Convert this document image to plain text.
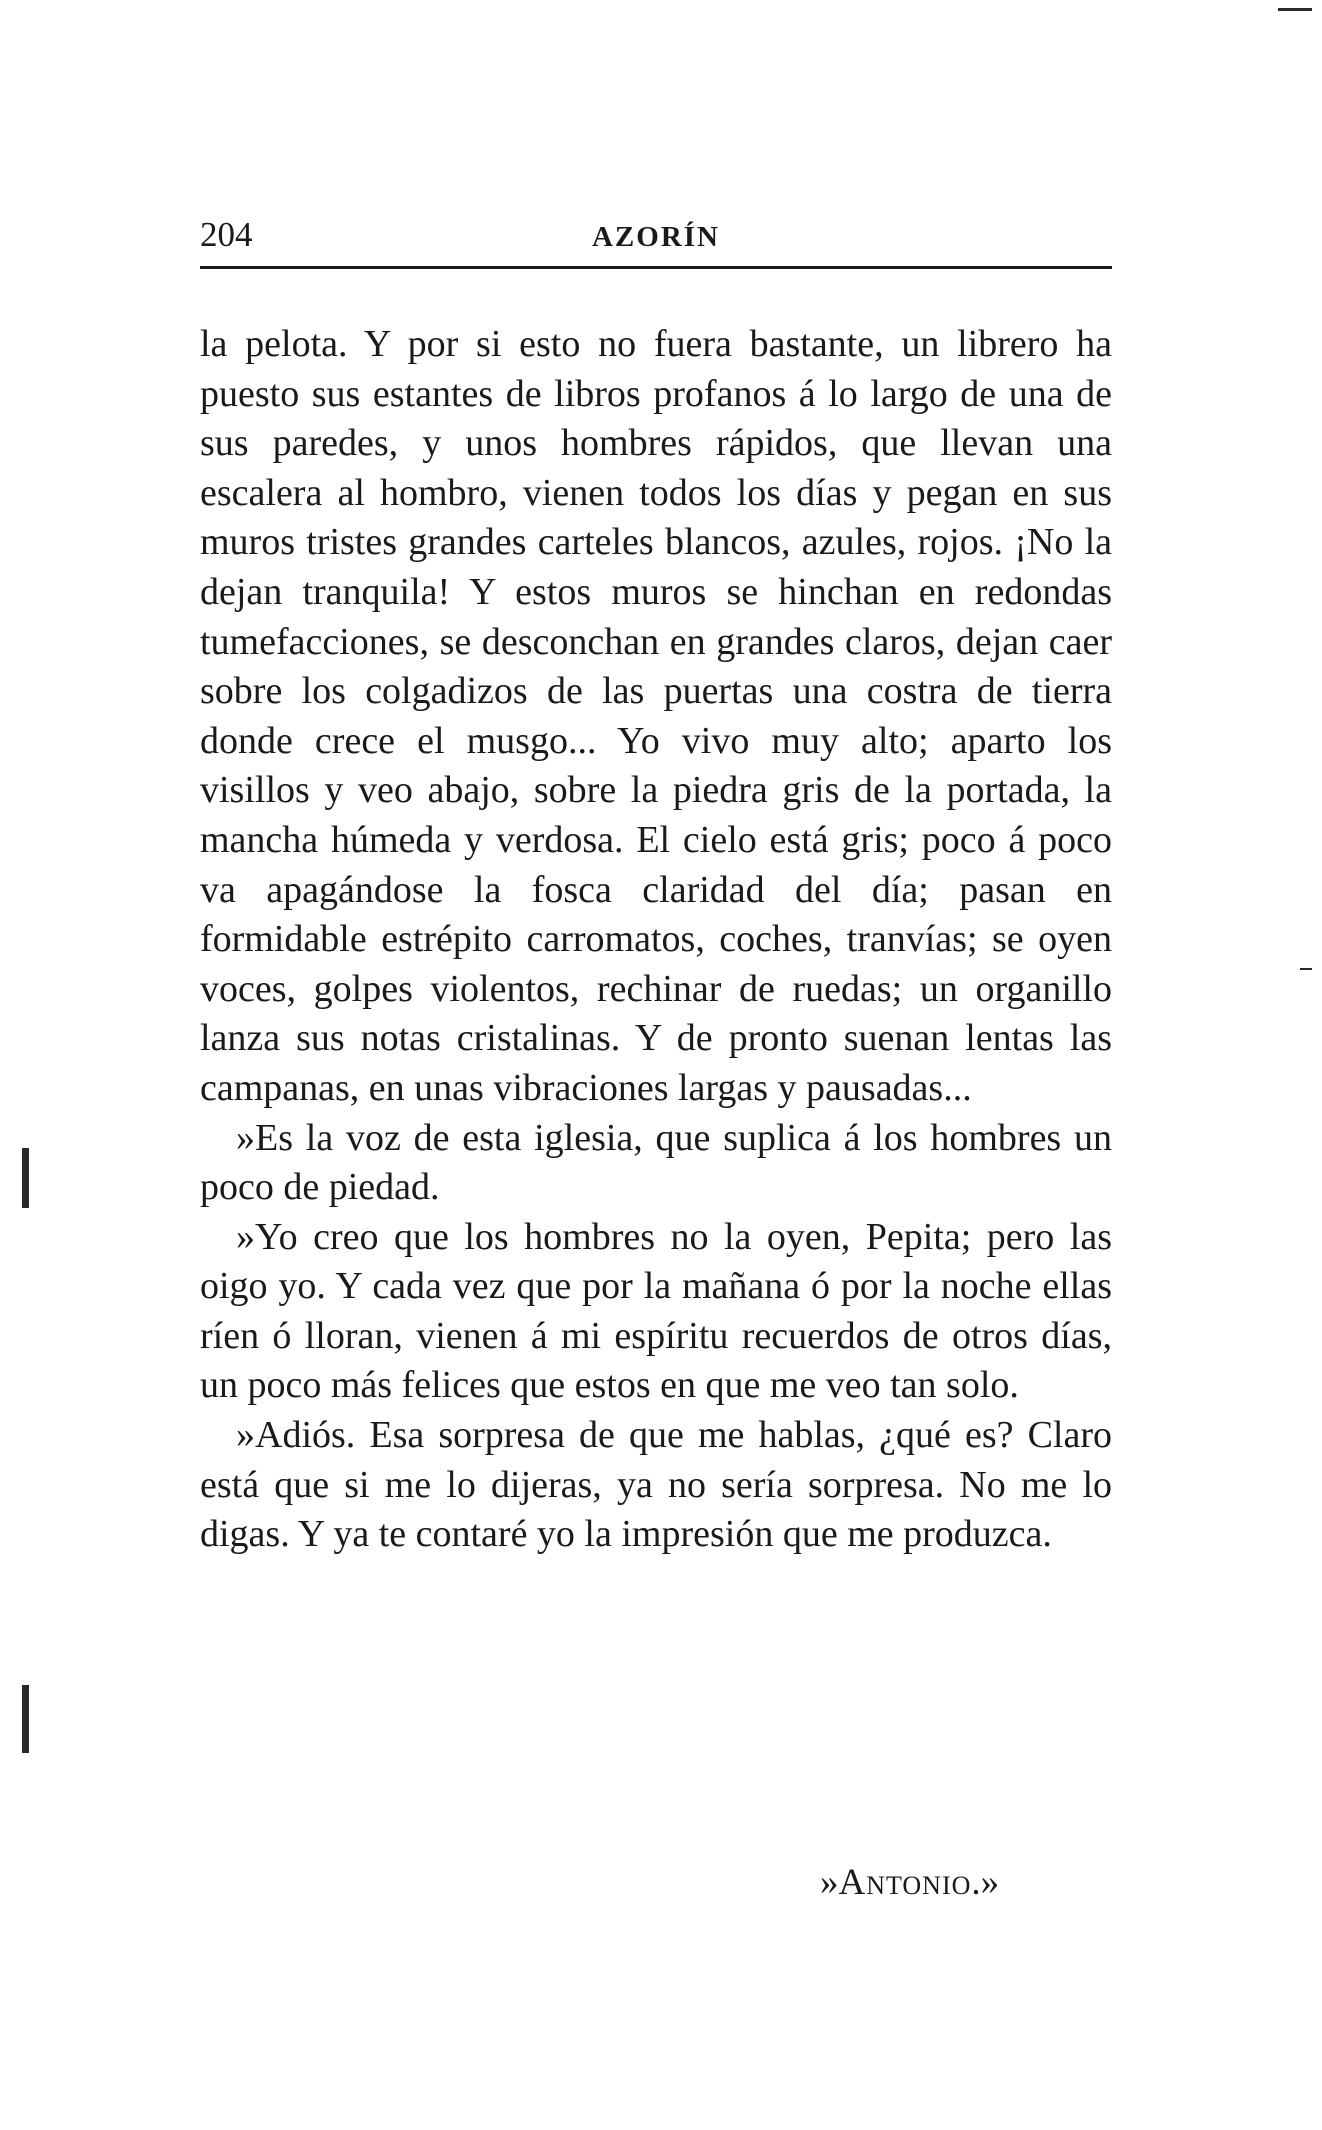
204	AZORÍN

la pelota. Y por si esto no fuera bastante, un librero ha puesto sus estantes de libros profanos á lo largo de una de sus paredes, y unos hombres rápidos, que llevan una escalera al hombro, vienen todos los días y pegan en sus muros tristes grandes carteles blancos, azules, rojos. ¡No la dejan tranquila! Y estos muros se hinchan en redondas tumefacciones, se desconchan en grandes claros, dejan caer sobre los colgadizos de las puertas una costra de tierra donde crece el musgo... Yo vivo muy alto; aparto los visillos y veo abajo, sobre la piedra gris de la portada, la mancha húmeda y verdosa. El cielo está gris; poco á poco va apagándose la fosca claridad del día; pasan en formidable estrépito carromatos, coches, tranvías; se oyen voces, golpes violentos, rechinar de ruedas; un organillo lanza sus notas cristalinas. Y de pronto suenan lentas las campanas, en unas vibraciones largas y pausadas...

»Es la voz de esta iglesia, que suplica á los hombres un poco de piedad.

»Yo creo que los hombres no la oyen, Pepita; pero las oigo yo. Y cada vez que por la mañana ó por la noche ellas ríen ó lloran, vienen á mi espíritu recuerdos de otros días, un poco más felices que estos en que me veo tan solo.

»Adiós. Esa sorpresa de que me hablas, ¿qué es? Claro está que si me lo dijeras, ya no sería sorpresa. No me lo digas. Y ya te contaré yo la impresión que me produzca.

»Antonio.»
